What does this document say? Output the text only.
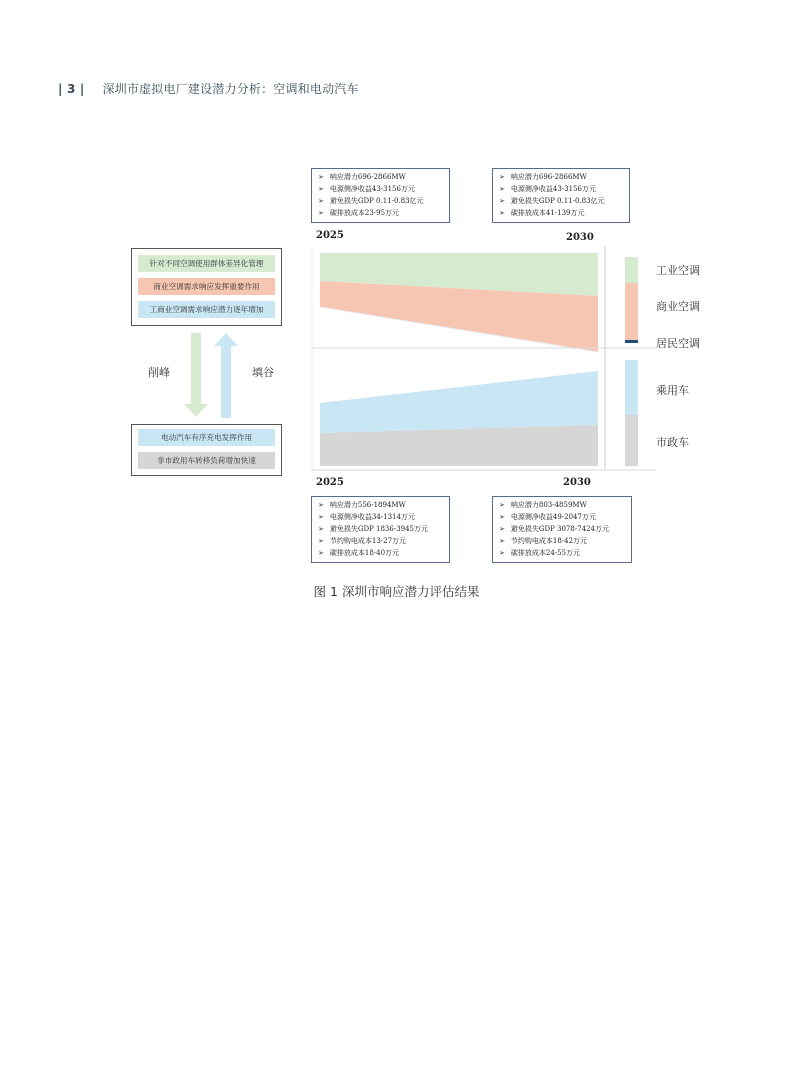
| 3 | 深圳市虚拟电厂建设潜力分析：空调和电动汽车
针对不同空调使用群体差异化管理
商业空调需求响应发挥重要作用
工商业空调需求响应潜力逐年增加
削峰	填谷
电动汽车有序充电发挥作用
非市政用车转移负荷增加快速
➢ 响应潜力696-2866MW
➢ 电源侧净收益43-3156万元
➢ 避免损失GDP 0.11-0.83亿元
➢ 碳排放成本23-95万元
➢ 响应潜力696-2866MW
➢ 电源侧净收益43-3156万元
➢ 避免损失GDP 0.11-0.83亿元
➢ 碳排放成本41-139万元
2025	2030
2025	2030
工业空调
商业空调
居民空调
乘用车
市政车
➢ 响应潜力556-1894MW
➢ 电源侧净收益34-1314万元
➢ 避免损失GDP 1836-3945万元
➢ 节约购电成本13-27万元
➢ 碳排放成本18-40万元
➢ 响应潜力803-4859MW
➢ 电源侧净收益49-2047万元
➢ 避免损失GDP 3078-7424万元
➢ 节约购电成本18-42万元
➢ 碳排放成本24-55万元
图 1 深圳市响应潜力评估结果
